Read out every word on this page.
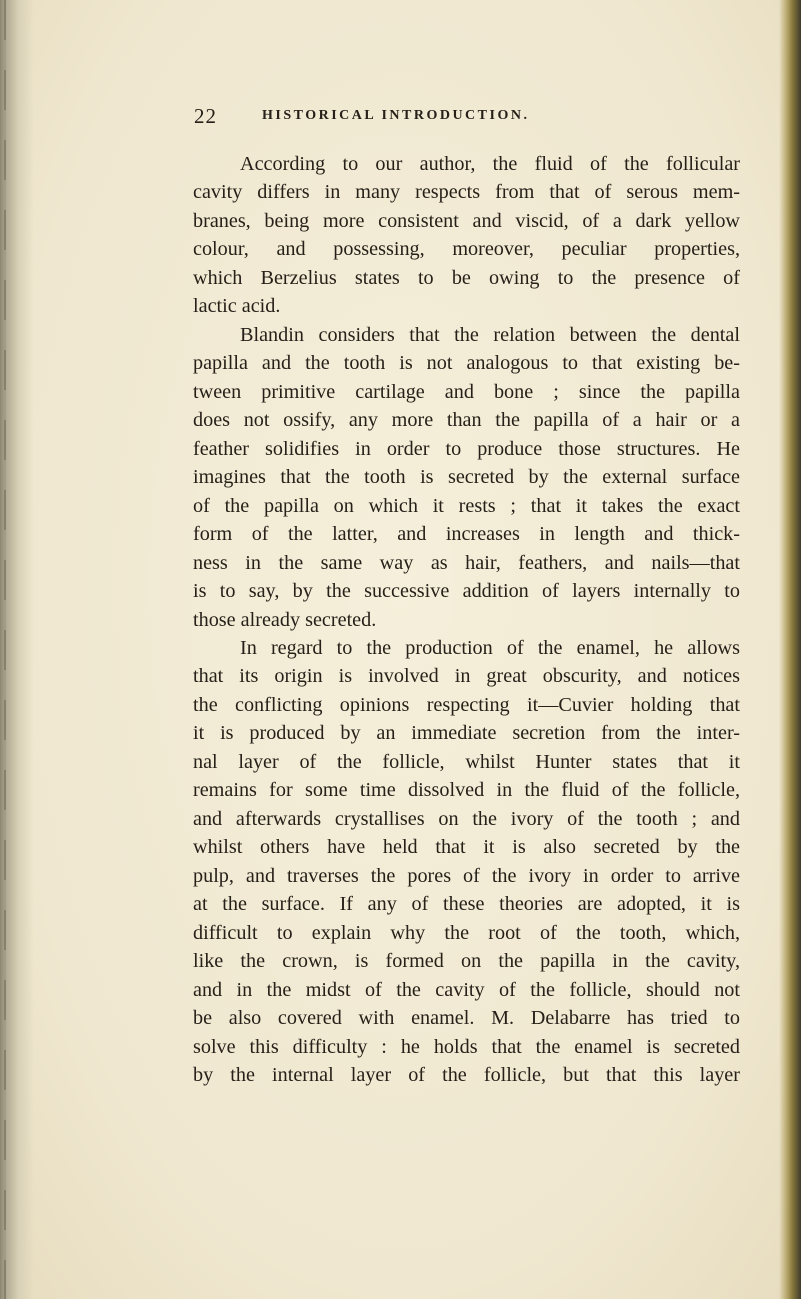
22	HISTORICAL INTRODUCTION.
According to our author, the fluid of the follicular
cavity differs in many respects from that of serous mem-
branes, being more consistent and viscid, of a dark yellow
colour, and possessing, moreover, peculiar properties,
which Berzelius states to be owing to the presence of
lactic acid.
Blandin considers that the relation between the dental
papilla and the tooth is not analogous to that existing be-
tween primitive cartilage and bone ; since the papilla
does not ossify, any more than the papilla of a hair or a
feather solidifies in order to produce those structures. He
imagines that the tooth is secreted by the external surface
of the papilla on which it rests ; that it takes the exact
form of the latter, and increases in length and thick-
ness in the same way as hair, feathers, and nails—that
is to say, by the successive addition of layers internally to
those already secreted.
In regard to the production of the enamel, he allows
that its origin is involved in great obscurity, and notices
the conflicting opinions respecting it—Cuvier holding that
it is produced by an immediate secretion from the inter-
nal layer of the follicle, whilst Hunter states that it
remains for some time dissolved in the fluid of the follicle,
and afterwards crystallises on the ivory of the tooth ; and
whilst others have held that it is also secreted by the
pulp, and traverses the pores of the ivory in order to arrive
at the surface. If any of these theories are adopted, it is
difficult to explain why the root of the tooth, which,
like the crown, is formed on the papilla in the cavity,
and in the midst of the cavity of the follicle, should not
be also covered with enamel. M. Delabarre has tried to
solve this difficulty : he holds that the enamel is secreted
by the internal layer of the follicle, but that this layer
